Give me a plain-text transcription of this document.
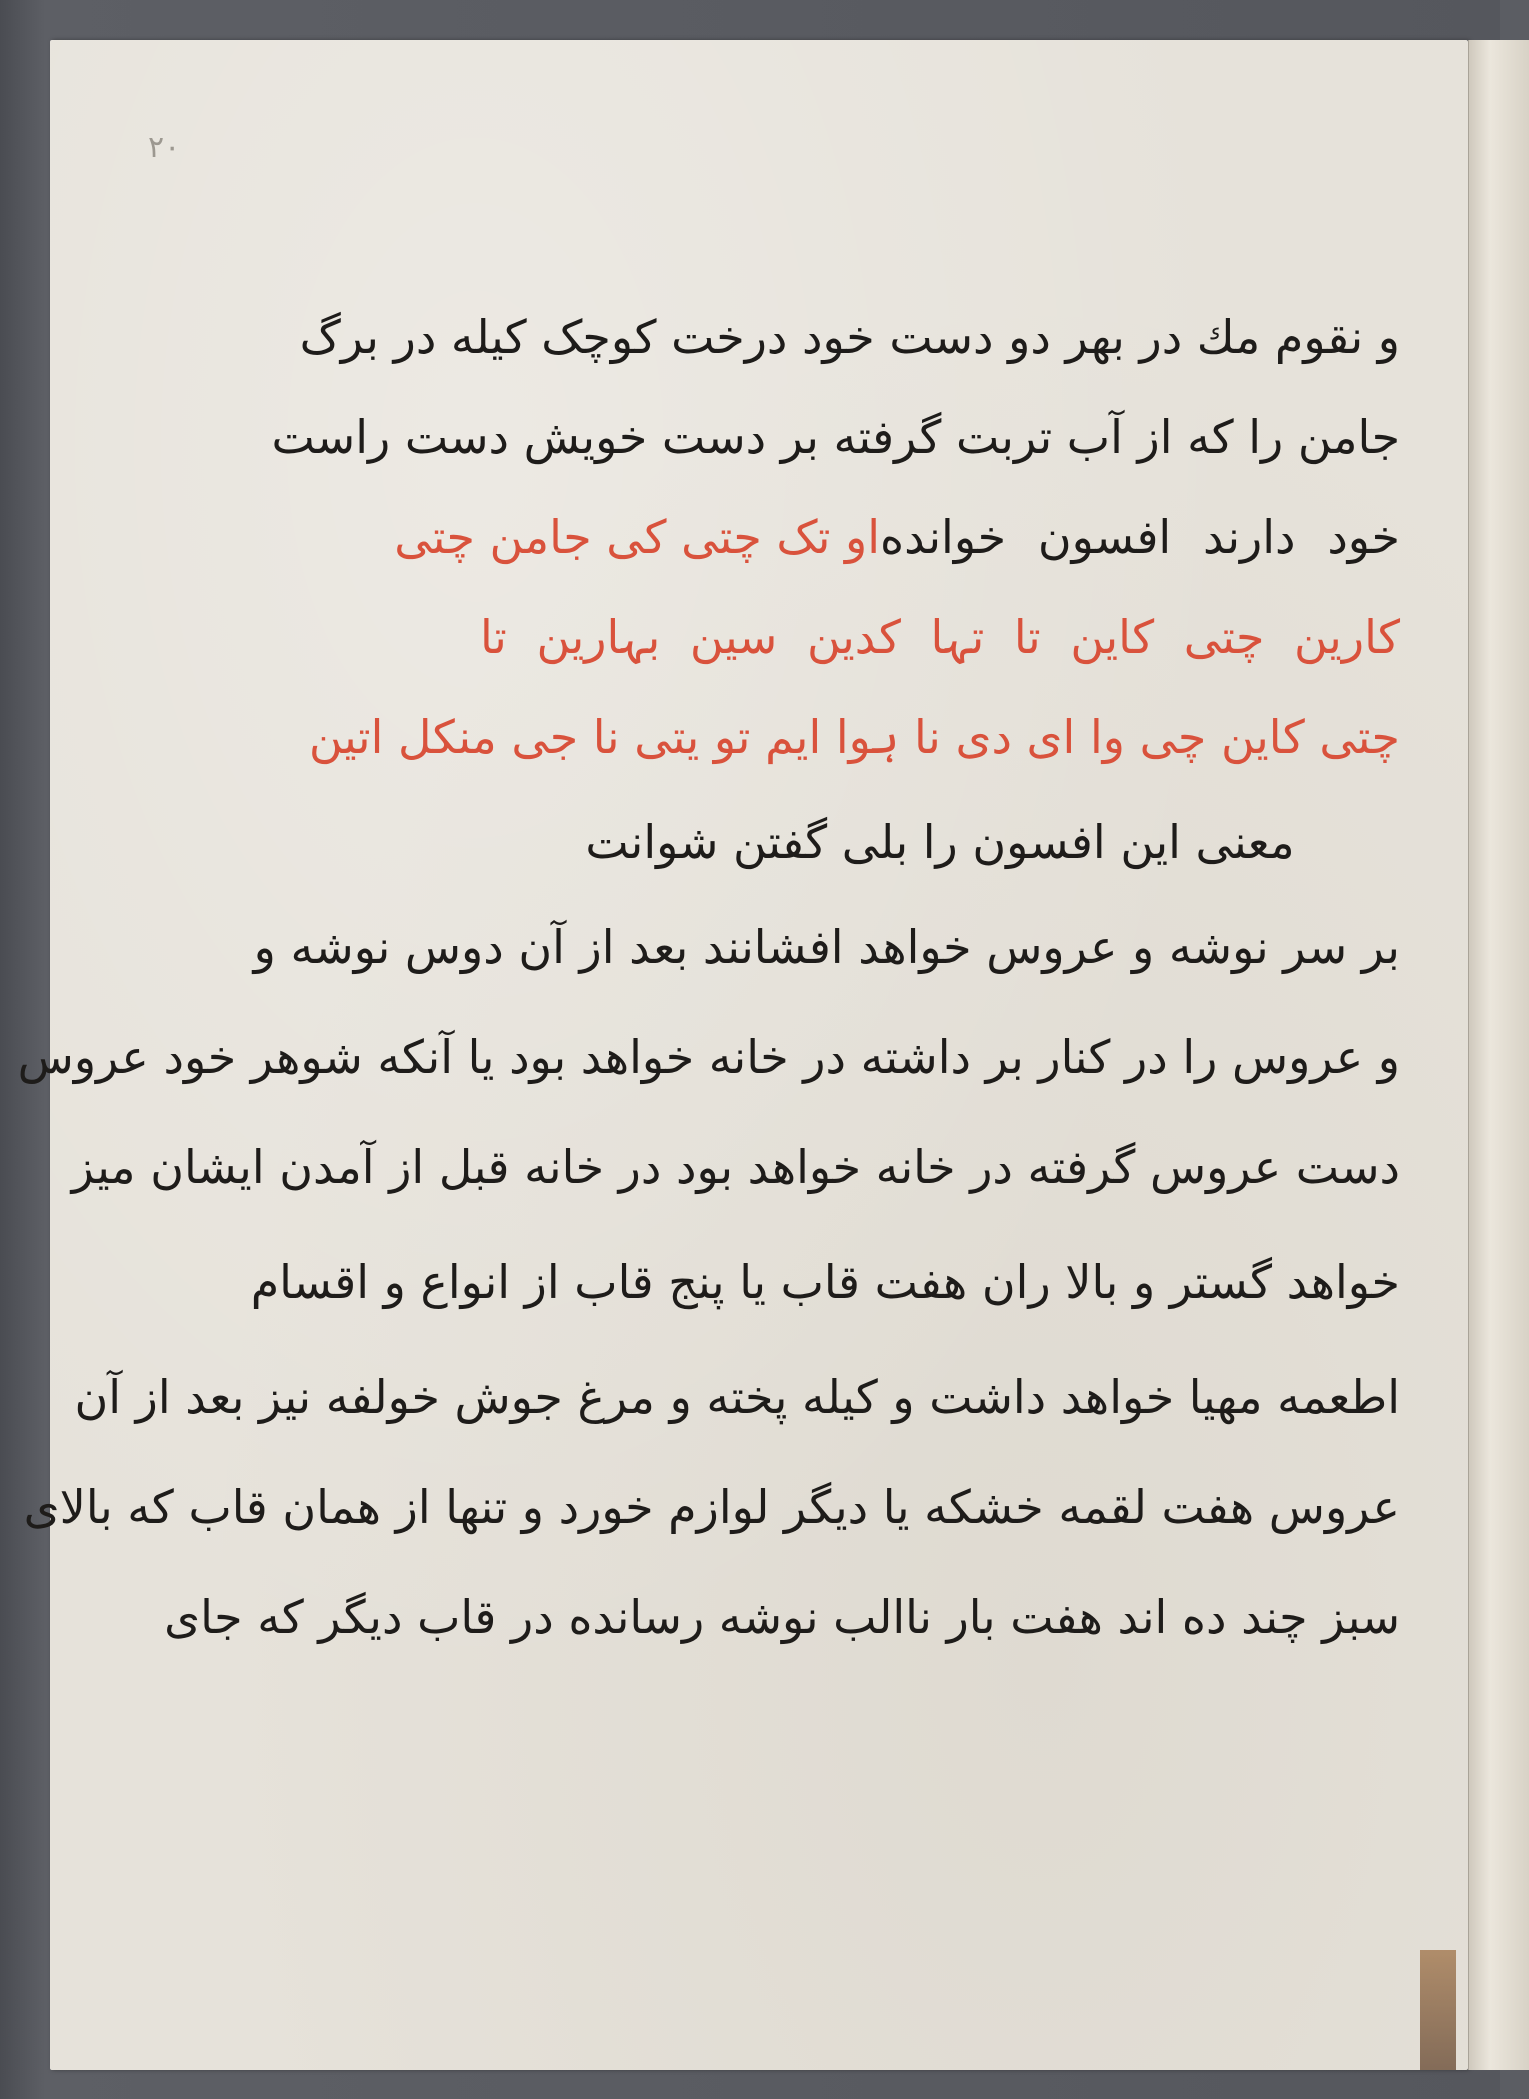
٢٠
و نقوم مك در بهر دو دست خود درخت کوچک کیله در برگ
جامن را که از آب تربت گرفته بر دست خویش دست راست
خود دارند افسون خوانده
او تک چتی کی جامن چتی
کارین چتی کاین تا تہا کدین سین بہارین تا
چتی کاین چی وا ای دی نا ہوا ایم تو یتی نا جی منکل اتین
معنی این افسون را بلی گفتن شوانت
بر سر نوشه و عروس خواهد افشانند بعد از آن دوس نوشه و
و عروس را در کنار بر داشته در خانه خواهد بود یا آنکه شوهر خود عروس
دست عروس گرفته در خانه خواهد بود در خانه قبل از آمدن ایشان میز
خواهد گستر و بالا ران هفت قاب یا پنج قاب از انواع و اقسام
اطعمه مهیا خواهد داشت و کیله پخته و مرغ جوش خولفه نیز بعد از آن
عروس هفت لقمه خشکه یا دیگر لوازم خورد و تنها از همان قاب که بالای
سبز چند ده اند هفت بار ناالب نوشه رسانده در قاب دیگر که جای
